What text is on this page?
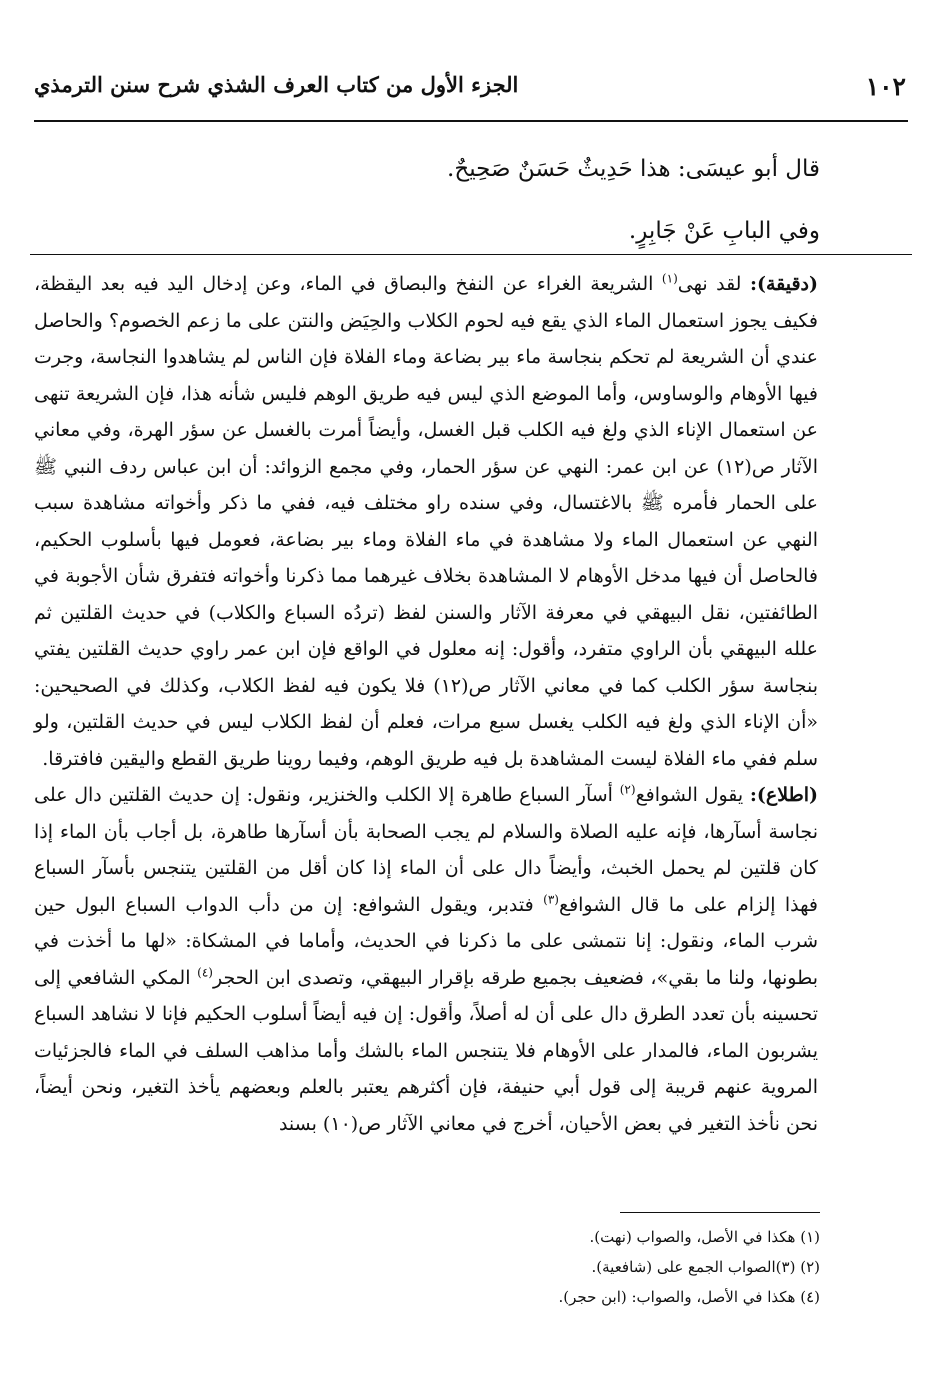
١٠٢
الجزء الأول من كتاب العرف الشذي شرح سنن الترمذي
قال أبو عيسَى: هذا حَدِيثٌ حَسَنٌ صَحِيحٌ.
وفي البابِ عَنْ جَابِرٍ.

(دقيقة): لقد نهى$^{(١)}$ الشريعة الغراء عن النفخ والبصاق في الماء، وعن إدخال اليد فيه بعد اليقظة، فكيف يجوز استعمال الماء الذي يقع فيه لحوم الكلاب والحِيَض والنتن على ما زعم الخصوم؟ والحاصل عندي أن الشريعة لم تحكم بنجاسة ماء بير بضاعة وماء الفلاة فإن الناس لم يشاهدوا النجاسة، وجرت فيها الأوهام والوساوس، وأما الموضع الذي ليس فيه طريق الوهم فليس شأنه هذا، فإن الشريعة تنهى عن استعمال الإناء الذي ولغ فيه الكلب قبل الغسل، وأيضاً أمرت بالغسل عن سؤر الهرة، وفي معاني الآثار ص(١٢) عن ابن عمر: النهي عن سؤر الحمار، وفي مجمع الزوائد: أن ابن عباس ردف النبي ﷺ على الحمار فأمره ﷺ بالاغتسال، وفي سنده راو مختلف فيه، ففي ما ذكر وأخواته مشاهدة سبب النهي عن استعمال الماء ولا مشاهدة في ماء الفلاة وماء بير بضاعة، فعومل فيها بأسلوب الحكيم، فالحاصل أن فيها مدخل الأوهام لا المشاهدة بخلاف غيرهما مما ذكرنا وأخواته فتفرق شأن الأجوبة في الطائفتين، نقل البيهقي في معرفة الآثار والسنن لفظ (تردُه السباع والكلاب) في حديث القلتين ثم علله البيهقي بأن الراوي متفرد، وأقول: إنه معلول في الواقع فإن ابن عمر راوي حديث القلتين يفتي بنجاسة سؤر الكلب كما في معاني الآثار ص(١٢) فلا يكون فيه لفظ الكلاب، وكذلك في الصحيحين: «أن الإناء الذي ولغ فيه الكلب يغسل سبع مرات، فعلم أن لفظ الكلاب ليس في حديث القلتين، ولو سلم ففي ماء الفلاة ليست المشاهدة بل فيه طريق الوهم، وفيما روينا طريق القطع واليقين فافترقا.

(اطلاع): يقول الشوافع$^{(٢)}$ أسآر السباع طاهرة إلا الكلب والخنزير، ونقول: إن حديث القلتين دال على نجاسة أسآرها، فإنه عليه الصلاة والسلام لم يجب الصحابة بأن أسآرها طاهرة، بل أجاب بأن الماء إذا كان قلتين لم يحمل الخبث، وأيضاً دال على أن الماء إذا كان أقل من القلتين يتنجس بأسآر السباع فهذا إلزام على ما قال الشوافع$^{(٣)}$ فتدبر، ويقول الشوافع: إن من دأب الدواب السباع البول حين شرب الماء، ونقول: إنا نتمشى على ما ذكرنا في الحديث، وأماما في المشكاة: «لها ما أخذت في بطونها، ولنا ما بقي»، فضعيف بجميع طرقه بإقرار البيهقي، وتصدى ابن الحجر$^{(٤)}$ المكي الشافعي إلى تحسينه بأن تعدد الطرق دال على أن له أصلاً، وأقول: إن فيه أيضاً أسلوب الحكيم فإنا لا نشاهد السباع يشربون الماء، فالمدار على الأوهام فلا يتنجس الماء بالشك وأما مذاهب السلف في الماء فالجزئيات المروية عنهم قريبة إلى قول أبي حنيفة، فإن أكثرهم يعتبر بالعلم وبعضهم يأخذ التغير، ونحن أيضاً، نحن نأخذ التغير في بعض الأحيان، أخرج في معاني الآثار ص(١٠) بسند

(١) هكذا في الأصل، والصواب (نهت).

(٢) (٣)الصواب الجمع على (شافعية).

(٤) هكذا في الأصل، والصواب: (ابن حجر).
